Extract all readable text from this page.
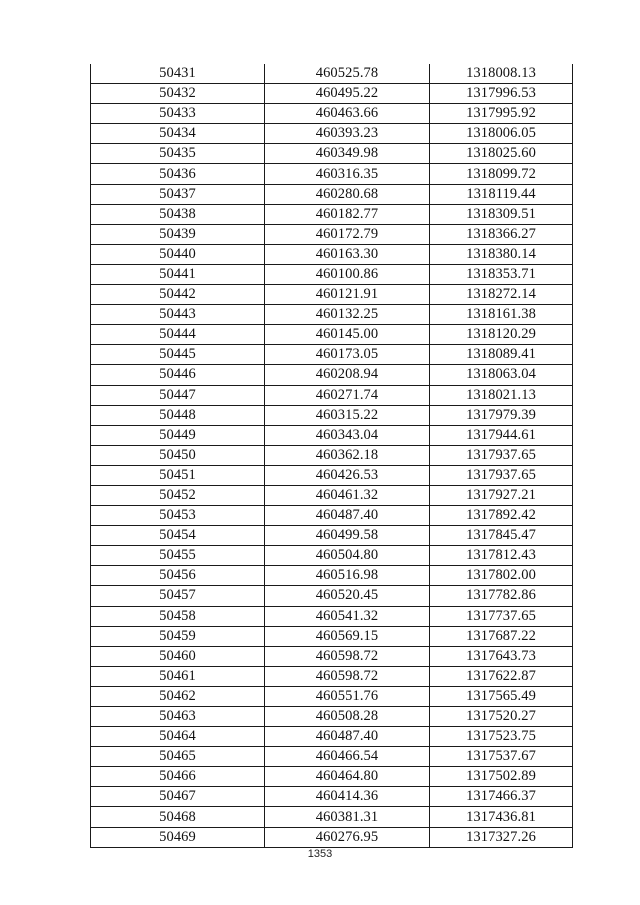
50431	460525.78	1318008.13
50432	460495.22	1317996.53
50433	460463.66	1317995.92
50434	460393.23	1318006.05
50435	460349.98	1318025.60
50436	460316.35	1318099.72
50437	460280.68	1318119.44
50438	460182.77	1318309.51
50439	460172.79	1318366.27
50440	460163.30	1318380.14
50441	460100.86	1318353.71
50442	460121.91	1318272.14
50443	460132.25	1318161.38
50444	460145.00	1318120.29
50445	460173.05	1318089.41
50446	460208.94	1318063.04
50447	460271.74	1318021.13
50448	460315.22	1317979.39
50449	460343.04	1317944.61
50450	460362.18	1317937.65
50451	460426.53	1317937.65
50452	460461.32	1317927.21
50453	460487.40	1317892.42
50454	460499.58	1317845.47
50455	460504.80	1317812.43
50456	460516.98	1317802.00
50457	460520.45	1317782.86
50458	460541.32	1317737.65
50459	460569.15	1317687.22
50460	460598.72	1317643.73
50461	460598.72	1317622.87
50462	460551.76	1317565.49
50463	460508.28	1317520.27
50464	460487.40	1317523.75
50465	460466.54	1317537.67
50466	460464.80	1317502.89
50467	460414.36	1317466.37
50468	460381.31	1317436.81
50469	460276.95	1317327.26
1353
